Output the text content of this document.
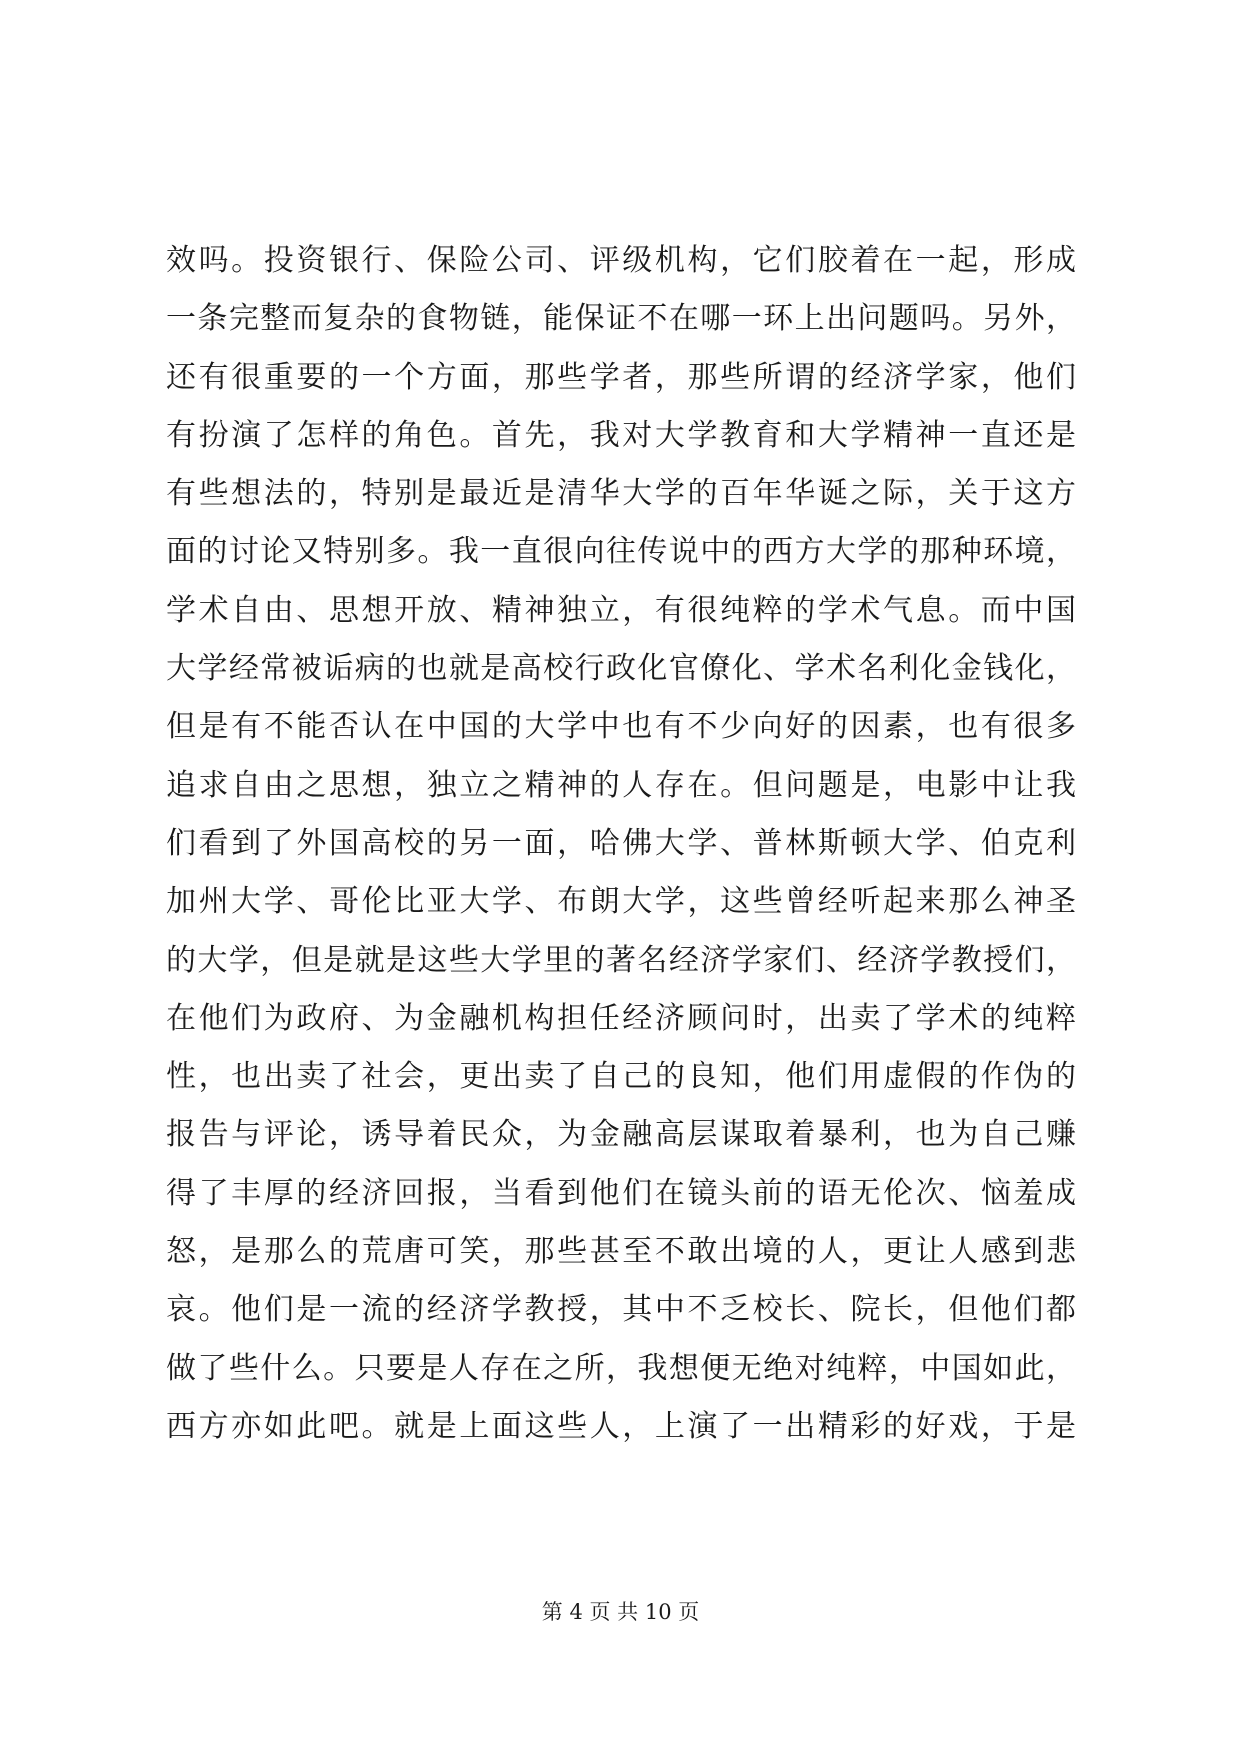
效吗。投资银行、保险公司、评级机构，它们胶着在一起，形成
一条完整而复杂的食物链，能保证不在哪一环上出问题吗。另外，
还有很重要的一个方面，那些学者，那些所谓的经济学家，他们
有扮演了怎样的角色。首先，我对大学教育和大学精神一直还是
有些想法的，特别是最近是清华大学的百年华诞之际，关于这方
面的讨论又特别多。我一直很向往传说中的西方大学的那种环境，
学术自由、思想开放、精神独立，有很纯粹的学术气息。而中国
大学经常被诟病的也就是高校行政化官僚化、学术名利化金钱化，
但是有不能否认在中国的大学中也有不少向好的因素，也有很多
追求自由之思想，独立之精神的人存在。但问题是，电影中让我
们看到了外国高校的另一面，哈佛大学、普林斯顿大学、伯克利
加州大学、哥伦比亚大学、布朗大学，这些曾经听起来那么神圣
的大学，但是就是这些大学里的著名经济学家们、经济学教授们，
在他们为政府、为金融机构担任经济顾问时，出卖了学术的纯粹
性，也出卖了社会，更出卖了自己的良知，他们用虚假的作伪的
报告与评论，诱导着民众，为金融高层谋取着暴利，也为自己赚
得了丰厚的经济回报，当看到他们在镜头前的语无伦次、恼羞成
怒，是那么的荒唐可笑，那些甚至不敢出境的人，更让人感到悲
哀。他们是一流的经济学教授，其中不乏校长、院长，但他们都
做了些什么。只要是人存在之所，我想便无绝对纯粹，中国如此，
西方亦如此吧。就是上面这些人，上演了一出精彩的好戏，于是
第 4 页 共 10 页
